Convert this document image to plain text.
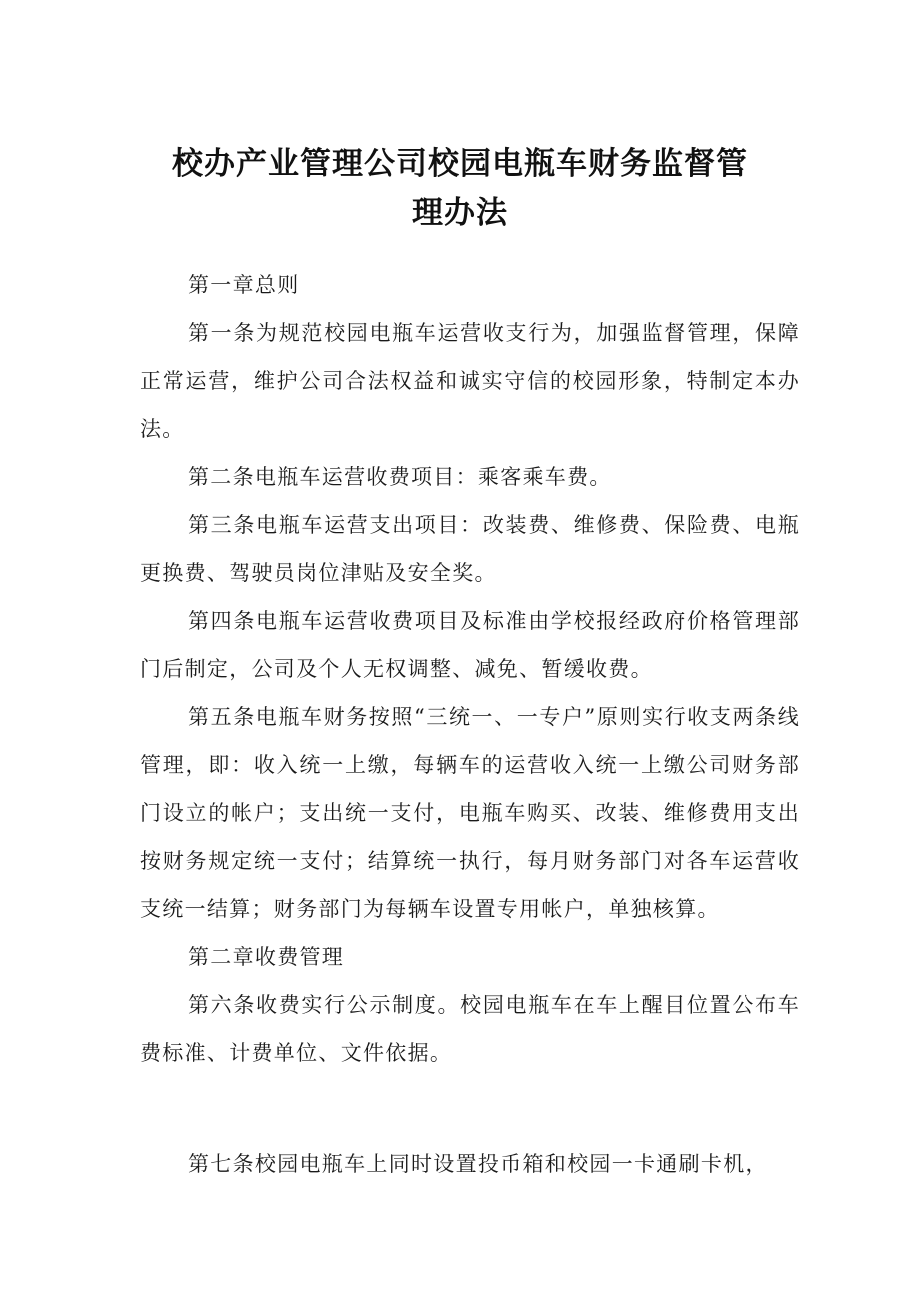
校办产业管理公司校园电瓶车财务监督管
理办法

第一章总则

第一条为规范校园电瓶车运营收支行为，加强监督管理，保障正常运营，维护公司合法权益和诚实守信的校园形象，特制定本办法。

第二条电瓶车运营收费项目：乘客乘车费。

第三条电瓶车运营支出项目：改装费、维修费、保险费、电瓶更换费、驾驶员岗位津贴及安全奖。

第四条电瓶车运营收费项目及标准由学校报经政府价格管理部门后制定，公司及个人无权调整、减免、暂缓收费。

第五条电瓶车财务按照“三统一、一专户”原则实行收支两条线管理，即：收入统一上缴，每辆车的运营收入统一上缴公司财务部门设立的帐户；支出统一支付，电瓶车购买、改装、维修费用支出按财务规定统一支付；结算统一执行，每月财务部门对各车运营收支统一结算；财务部门为每辆车设置专用帐户，单独核算。

第二章收费管理

第六条收费实行公示制度。校园电瓶车在车上醒目位置公布车费标准、计费单位、文件依据。

第七条校园电瓶车上同时设置投币箱和校园一卡通刷卡机，
